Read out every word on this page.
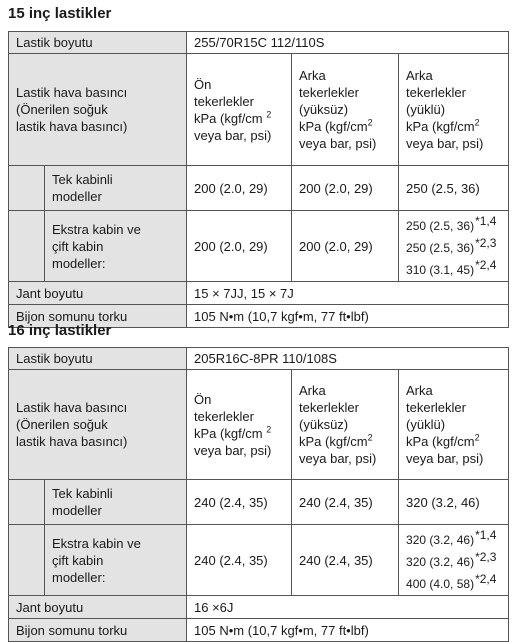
15 inç lastikler
Lastik boyutu		255/70R15C 112/110S		

Lastik hava basıncı
(Önerilen soğuk
lastik hava basıncı)		Ön
tekerlekler
kPa (kgf/cm $^2$
veya bar, psi)	Arka
tekerlekler
(yüksüz)
kPa ($kgf/cm^2$
veya bar, psi)	Arka
tekerlekler
(yüklü)
kPa ($kgf/cm^2$
veya bar, psi)

	Tek kabinli
modeller	200 (2.0, 29)	200 (2.0, 29)	250 (2.5, 36)

	Ekstra kabin ve
çift kabin
modeller:	200 (2.0, 29)	200 (2.0, 29)	250 (2.5, 36)*1,4
250 (2.5, 36)*2,3
310 (3.1, 45)*2,4

Jant boyutu		15 × 7JJ, 15 × 7J		
Bijon somunu torku		105 N•m (10,7 kgf•m, 77 ft•lbf)		
16 inç lastikler
Lastik boyutu		205R16C-8PR 110/108S		

Lastik hava basıncı
(Önerilen soğuk
lastik hava basıncı)		Ön
tekerlekler
kPa (kgf/cm $^2$
veya bar, psi)	Arka
tekerlekler
(yüksüz)
kPa ($kgf/cm^2$
veya bar, psi)	Arka
tekerlekler
(yüklü)
kPa ($kgf/cm^2$
veya bar, psi)

	Tek kabinli
modeller	240 (2.4, 35)	240 (2.4, 35)	320 (3.2, 46)

	Ekstra kabin ve
çift kabin
modeller:	240 (2.4, 35)	240 (2.4, 35)	320 (3.2, 46)*1,4
320 (3.2, 46)*2,3
400 (4.0, 58)*2,4

Jant boyutu		16 ×6J		
Bijon somunu torku		105 N•m (10,7 kgf•m, 77 ft•lbf)		
